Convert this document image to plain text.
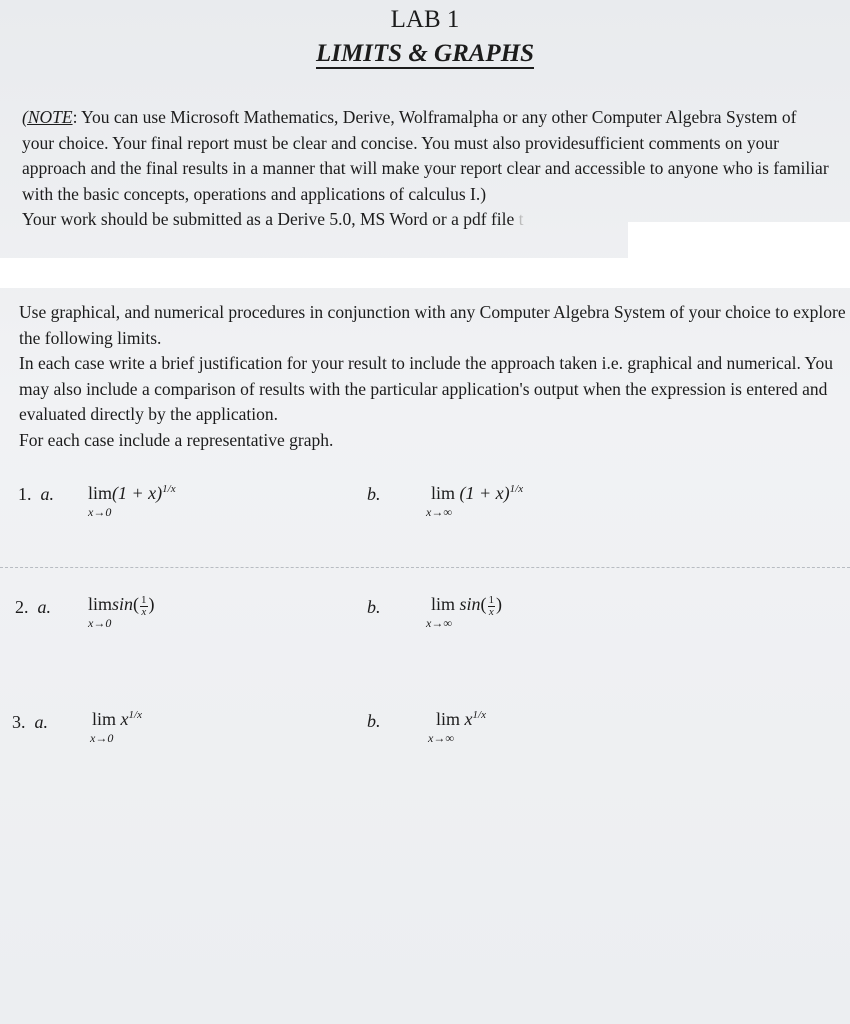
LAB 1
LIMITS & GRAPHS
(NOTE: You can use Microsoft Mathematics, Derive, Wolframalpha or any other Computer Algebra System of your choice. Your final report must be clear and concise. You must also providesufficient comments on your approach and the final results in a manner that will make your report clear and accessible to anyone who is familiar with the basic concepts, operations and applications of calculus I.)
Your work should be submitted as a Derive 5.0, MS Word or a pdf file t
Use graphical, and numerical procedures in conjunction with any Computer Algebra System of your choice to explore the following limits.
In each case write a brief justification for your result to include the approach taken i.e. graphical and numerical. You may also include a comparison of results with the particular application's output when the expression is entered and evaluated directly by the application.
For each case include a representative graph.
1. a. $\lim(1 + x)^{1/x}$
x→0
b.	$\lim (1 + x)^{1/x}$
x→∞
2. a. $limsin( \frac{1}{x}$ )
x→0
b.	$\lim \sin( \frac{1}{x}$ )
x→∞
3. a. $\lim x^{1/x}$
x→0
b.	$\lim x^{1/x}$
x→∞
